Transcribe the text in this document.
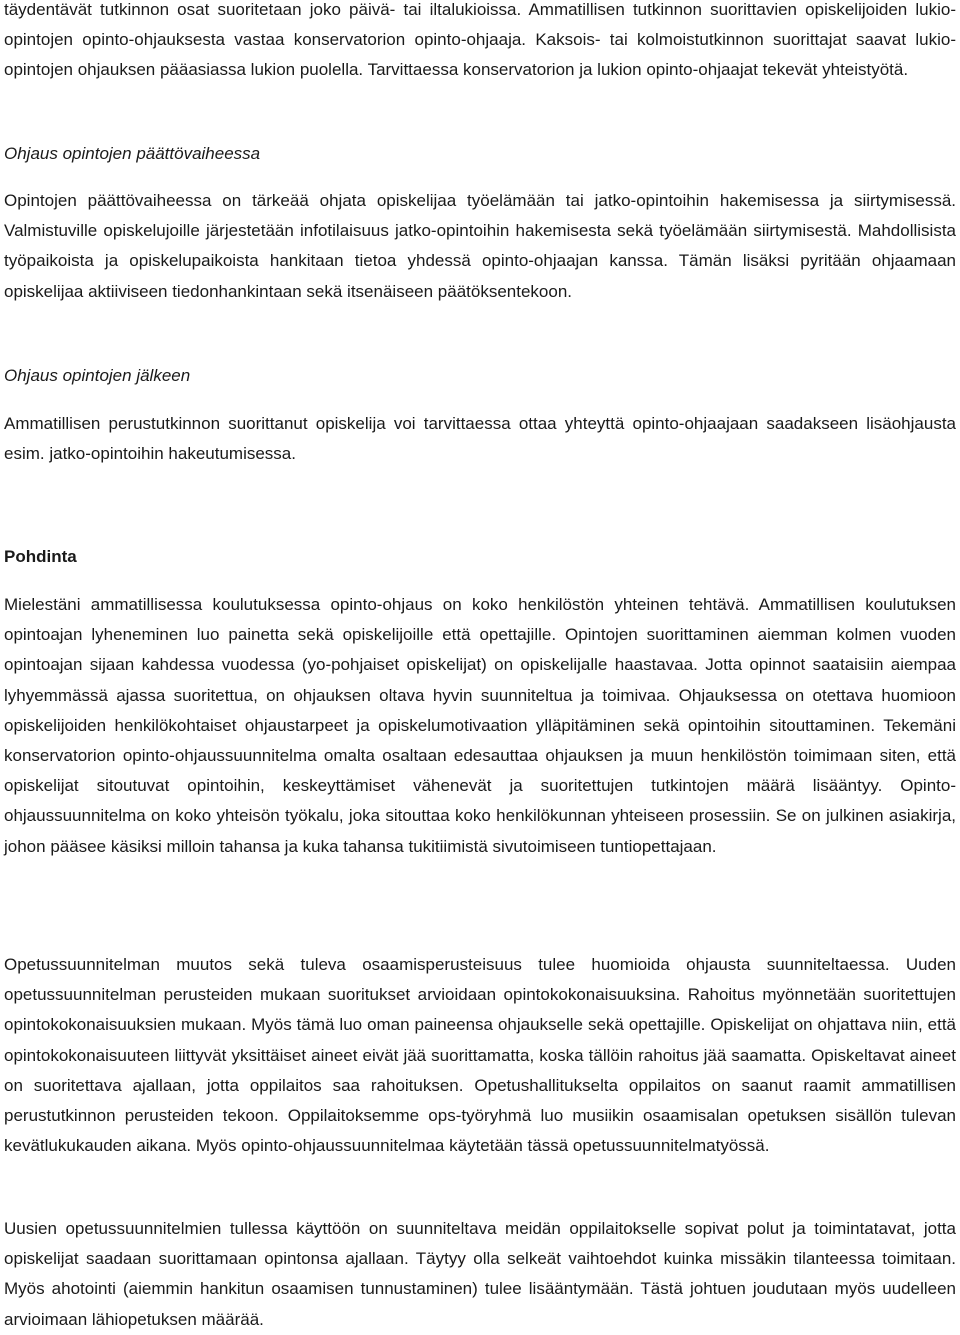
täydentävät tutkinnon osat suoritetaan joko päivä- tai iltalukioissa. Ammatillisen tutkinnon suorittavien opiskelijoiden lukio-opintojen opinto-ohjauksesta vastaa konservatorion opinto-ohjaaja. Kaksois- tai kolmoistutkinnon suorittajat saavat lukio-opintojen ohjauksen pääasiassa lukion puolella. Tarvittaessa konservatorion ja lukion opinto-ohjaajat tekevät yhteistyötä.

Ohjaus opintojen päättövaiheessa

Opintojen päättövaiheessa on tärkeää ohjata opiskelijaa työelämään tai jatko-opintoihin hakemisessa ja siirtymisessä. Valmistuville opiskelujoille järjestetään infotilaisuus jatko-opintoihin hakemisesta sekä työelämään siirtymisestä. Mahdollisista työpaikoista ja opiskelupaikoista hankitaan tietoa yhdessä opinto-ohjaajan kanssa. Tämän lisäksi pyritään ohjaamaan opiskelijaa aktiiviseen tiedonhankintaan sekä itsenäiseen päätöksentekoon.

Ohjaus opintojen jälkeen

Ammatillisen perustutkinnon suorittanut opiskelija voi tarvittaessa ottaa yhteyttä opinto-ohjaajaan saadakseen lisäohjausta esim. jatko-opintoihin hakeutumisessa.

Pohdinta

Mielestäni ammatillisessa koulutuksessa opinto-ohjaus on koko henkilöstön yhteinen tehtävä. Ammatillisen koulutuksen opintoajan lyheneminen luo painetta sekä opiskelijoille että opettajille. Opintojen suorittaminen aiemman kolmen vuoden opintoajan sijaan kahdessa vuodessa (yo-pohjaiset opiskelijat) on opiskelijalle haastavaa. Jotta opinnot saataisiin aiempaa lyhyemmässä ajassa suoritettua, on ohjauksen oltava hyvin suunniteltua ja toimivaa. Ohjauksessa on otettava huomioon opiskelijoiden henkilökohtaiset ohjaustarpeet ja opiskelumotivaation ylläpitäminen sekä opintoihin sitouttaminen. Tekemäni konservatorion opinto-ohjaussuunnitelma omalta osaltaan edesauttaa ohjauksen ja muun henkilöstön toimimaan siten, että opiskelijat sitoutuvat opintoihin, keskeyttämiset vähenevät ja suoritettujen tutkintojen määrä lisääntyy. Opinto-ohjaussuunnitelma on koko yhteisön työkalu, joka sitouttaa koko henkilökunnan yhteiseen prosessiin. Se on julkinen asiakirja, johon pääsee käsiksi milloin tahansa ja kuka tahansa tukitiimistä sivutoimiseen tuntiopettajaan.

Opetussuunnitelman muutos sekä tuleva osaamisperusteisuus tulee huomioida ohjausta suunniteltaessa. Uuden opetussuunnitelman perusteiden mukaan suoritukset arvioidaan opintokokonaisuuksina. Rahoitus myönnetään suoritettujen opintokokonaisuuksien mukaan. Myös tämä luo oman paineensa ohjaukselle sekä opettajille. Opiskelijat on ohjattava niin, että opintokokonaisuuteen liittyvät yksittäiset aineet eivät jää suorittamatta, koska tällöin rahoitus jää saamatta. Opiskeltavat aineet on suoritettava ajallaan, jotta oppilaitos saa rahoituksen. Opetushallitukselta oppilaitos on saanut raamit ammatillisen perustutkinnon perusteiden tekoon. Oppilaitoksemme ops-työryhmä luo musiikin osaamisalan opetuksen sisällön tulevan kevätlukukauden aikana. Myös opinto-ohjaussuunnitelmaa käytetään tässä opetussuunnitelmatyössä.

Uusien opetussuunnitelmien tullessa käyttöön on suunniteltava meidän oppilaitokselle sopivat polut ja toimintatavat, jotta opiskelijat saadaan suorittamaan opintonsa ajallaan. Täytyy olla selkeät vaihtoehdot kuinka missäkin tilanteessa toimitaan. Myös ahotointi (aiemmin hankitun osaamisen tunnustaminen) tulee lisääntymään. Tästä johtuen joudutaan myös uudelleen arvioimaan lähiopetuksen määrää.
